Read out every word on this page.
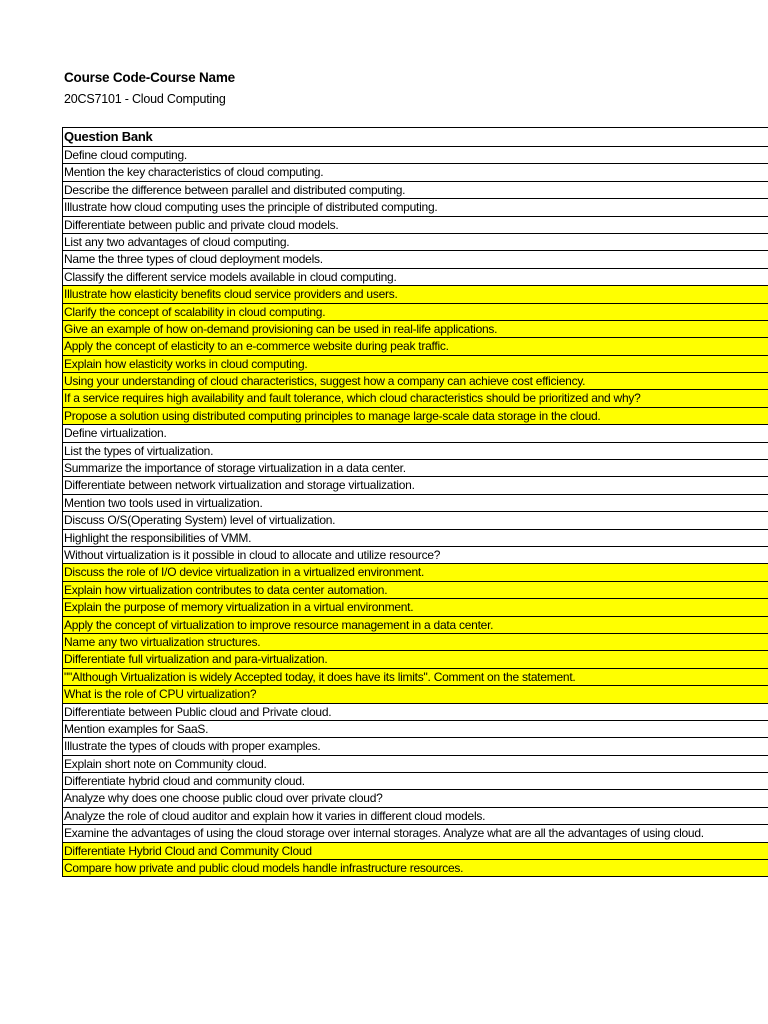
Course Code-Course Name
20CS7101 - Cloud Computing
Question Bank
Define cloud computing.
Mention the key characteristics of cloud computing.
Describe the difference between parallel and distributed computing.
Illustrate how cloud computing uses the principle of distributed computing.
Differentiate between public and private cloud models.
List any two advantages of cloud computing.
Name the three types of cloud deployment models.
Classify the different service models available in cloud computing.
Illustrate how elasticity benefits cloud service providers and users.
Clarify the concept of scalability in cloud computing.
Give an example of how on-demand provisioning can be used in real-life applications.
Apply the concept of elasticity to an e-commerce website during peak traffic.
Explain how elasticity works in cloud computing.
Using your understanding of cloud characteristics, suggest how a company can achieve cost efficiency.
If a service requires high availability and fault tolerance, which cloud characteristics should be prioritized and why?
Propose a solution using distributed computing principles to manage large-scale data storage in the cloud.
Define virtualization.
List the types of virtualization.
Summarize the importance of storage virtualization in a data center.
Differentiate between network virtualization and storage virtualization.
Mention two tools used in virtualization.
Discuss O/S(Operating System) level of virtualization.
Highlight the responsibilities of VMM.
Without virtualization is it possible in cloud to allocate and utilize resource?
Discuss the role of I/O device virtualization in a virtualized environment.
Explain how virtualization contributes to data center automation.
Explain the purpose of memory virtualization in a virtual environment.
Apply the concept of virtualization to improve resource management in a data center.
Name any two virtualization structures.
Differentiate full virtualization and para-virtualization.
""Although Virtualization is widely Accepted today, it does have its limits". Comment on the statement.
What is the role of CPU virtualization?
Differentiate between Public cloud and Private cloud.
Mention examples for SaaS.
Illustrate the types of clouds with proper examples.
Explain short note on Community cloud.
Differentiate hybrid cloud and community cloud.
Analyze why does one choose public cloud over private cloud?
Analyze the role of cloud auditor and explain how it varies in different cloud models.
Examine the advantages of using the cloud storage over internal storages. Analyze what are all the advantages of using cloud.
Differentiate Hybrid Cloud and Community Cloud
Compare how private and public cloud models handle infrastructure resources.
